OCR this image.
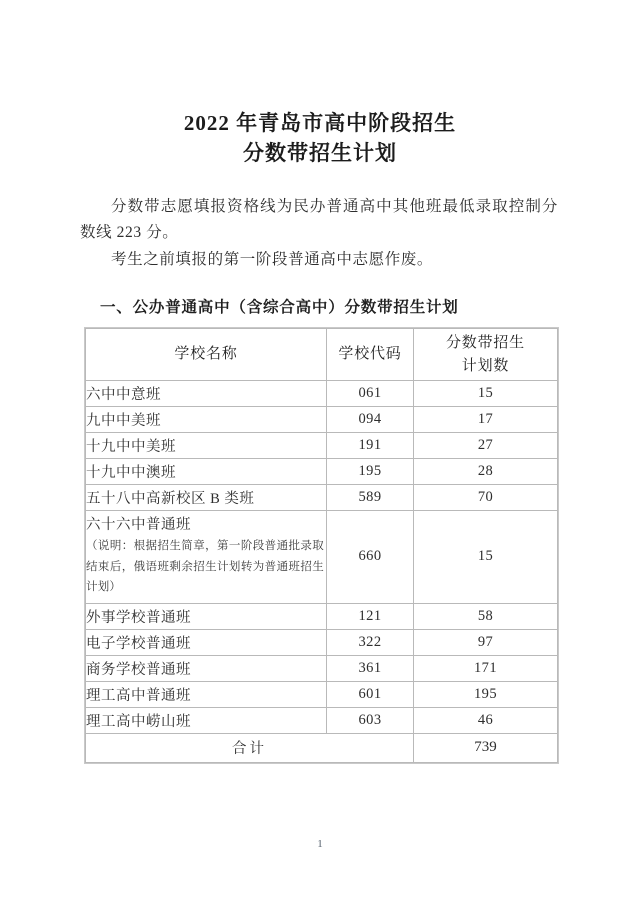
2022 年青岛市高中阶段招生
分数带招生计划

分数带志愿填报资格线为民办普通高中其他班最低录取控制分数线 223 分。

考生之前填报的第一阶段普通高中志愿作废。

一、公办普通高中（含综合高中）分数带招生计划
学校名称	学校代码	分数带招生
计划数

六中中意班	061	15

九中中美班	094	17

十九中中美班	191	27

十九中中澳班	195	28

五十八中高新校区 B 类班	589	70

六十六中普通班
（说明：根据招生简章，第一阶段普通批录取结束后，俄语班剩余招生计划转为普通班招生计划）	660	15

外事学校普通班	121	58

电子学校普通班	322	97

商务学校普通班	361	171

理工高中普通班	601	195

理工高中崂山班	603	46
合计		739
1
